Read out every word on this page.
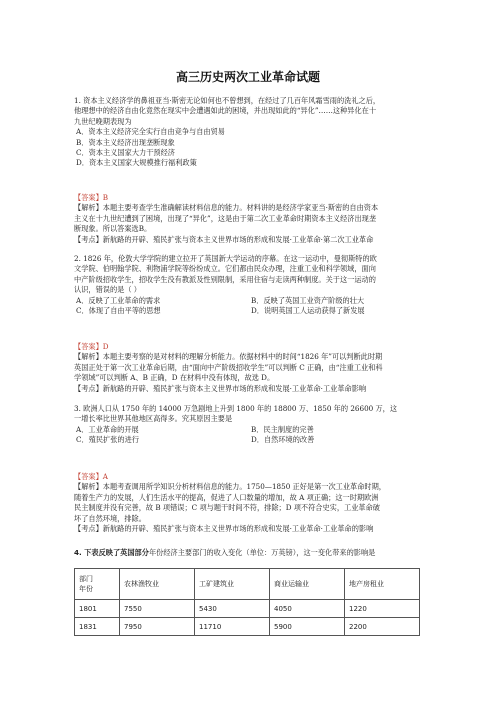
高三历史两次工业革命试题
1. 资本主义经济学的鼻祖亚当·斯密无论如何也不曾想到，在经过了几百年风霜雪雨的洗礼之后，
他理想中的经济自由化竟然在现实中会遭遇如此的困境，并出现如此的“异化”……这种异化在十
九世纪晚期表现为
A．资本主义经济完全实行自由竞争与自由贸易
B．资本主义经济出现垄断现象
C．资本主义国家大力干预经济
D．资本主义国家大规模推行福利政策
【答案】B
【解析】本题主要考查学生准确解读材料信息的能力。材料讲的是经济学家亚当·斯密的自由资本
主义在十九世纪遭到了困境，出现了“异化”，这是由于第二次工业革命时期资本主义经济出现垄
断现象。所以答案选B。
【考点】新航路的开辟、殖民扩张与资本主义世界市场的形成和发展·工业革命·第二次工业革命
2. 1826 年，伦敦大学学院的建立拉开了英国新大学运动的序幕。在这一运动中，曼彻斯特的欧
文学院、伯明翰学院、利物浦学院等纷纷成立。它们都由民众办理，注重工业和科学领域，面向
中产阶级招收学生，招收学生没有教派及性别限制，采用住宿与走读两种制度。关于这一运动的
认识，错误的是（ ）
A．反映了工业革命的需求	B．反映了英国工业资产阶级的壮大
C．体现了自由平等的思想	D．说明英国工人运动获得了新发展
【答案】D
【解析】本题主要考察的是对材料的理解分析能力。依据材料中的时间“1826 年”可以判断此时期
英国正处于第一次工业革命后期，由“面向中产阶级招收学生”可以判断 C 正确，由“注重工业和科
学领域”可以判断 A、B 正确，D 在材料中没有体现，故选 D。
【考点】新航路的开辟、殖民扩张与资本主义世界市场的形成和发展·工业革命·工业革命影响
3. 欧洲人口从 1750 年的 14000 万急剧地上升到 1800 年的 18800 万、1850 年的 26600 万，这
一增长率比世界其他地区高得多。究其原因主要是
A．工业革命的开展	B．民主制度的完善
C．殖民扩张的进行	D．自然环境的改善
【答案】A
【解析】本题考查调用所学知识分析材料信息的能力。1750—1850 正好是第一次工业革命时期，
随着生产力的发展，人们生活水平的提高，促进了人口数量的增加，故 A 项正确；这一时期欧洲
民主制度并没有完善，故 B 项错误；C 项与题干时间不符，排除；D 项不符合史实，工业革命破
坏了自然环境，排除。
【考点】新航路的开辟、殖民扩张与资本主义世界市场的形成和发展·工业革命·工业革命的影响
4. 下表反映了英国部分年份经济主要部门的收入变化（单位：万英镑），这一变化带来的影响是
部门
年份	农林渔牧业	工矿建筑业	商业运输业	地产房租业
1801	7550	5430	4050	1220
1831	7950	11710	5900	2200
